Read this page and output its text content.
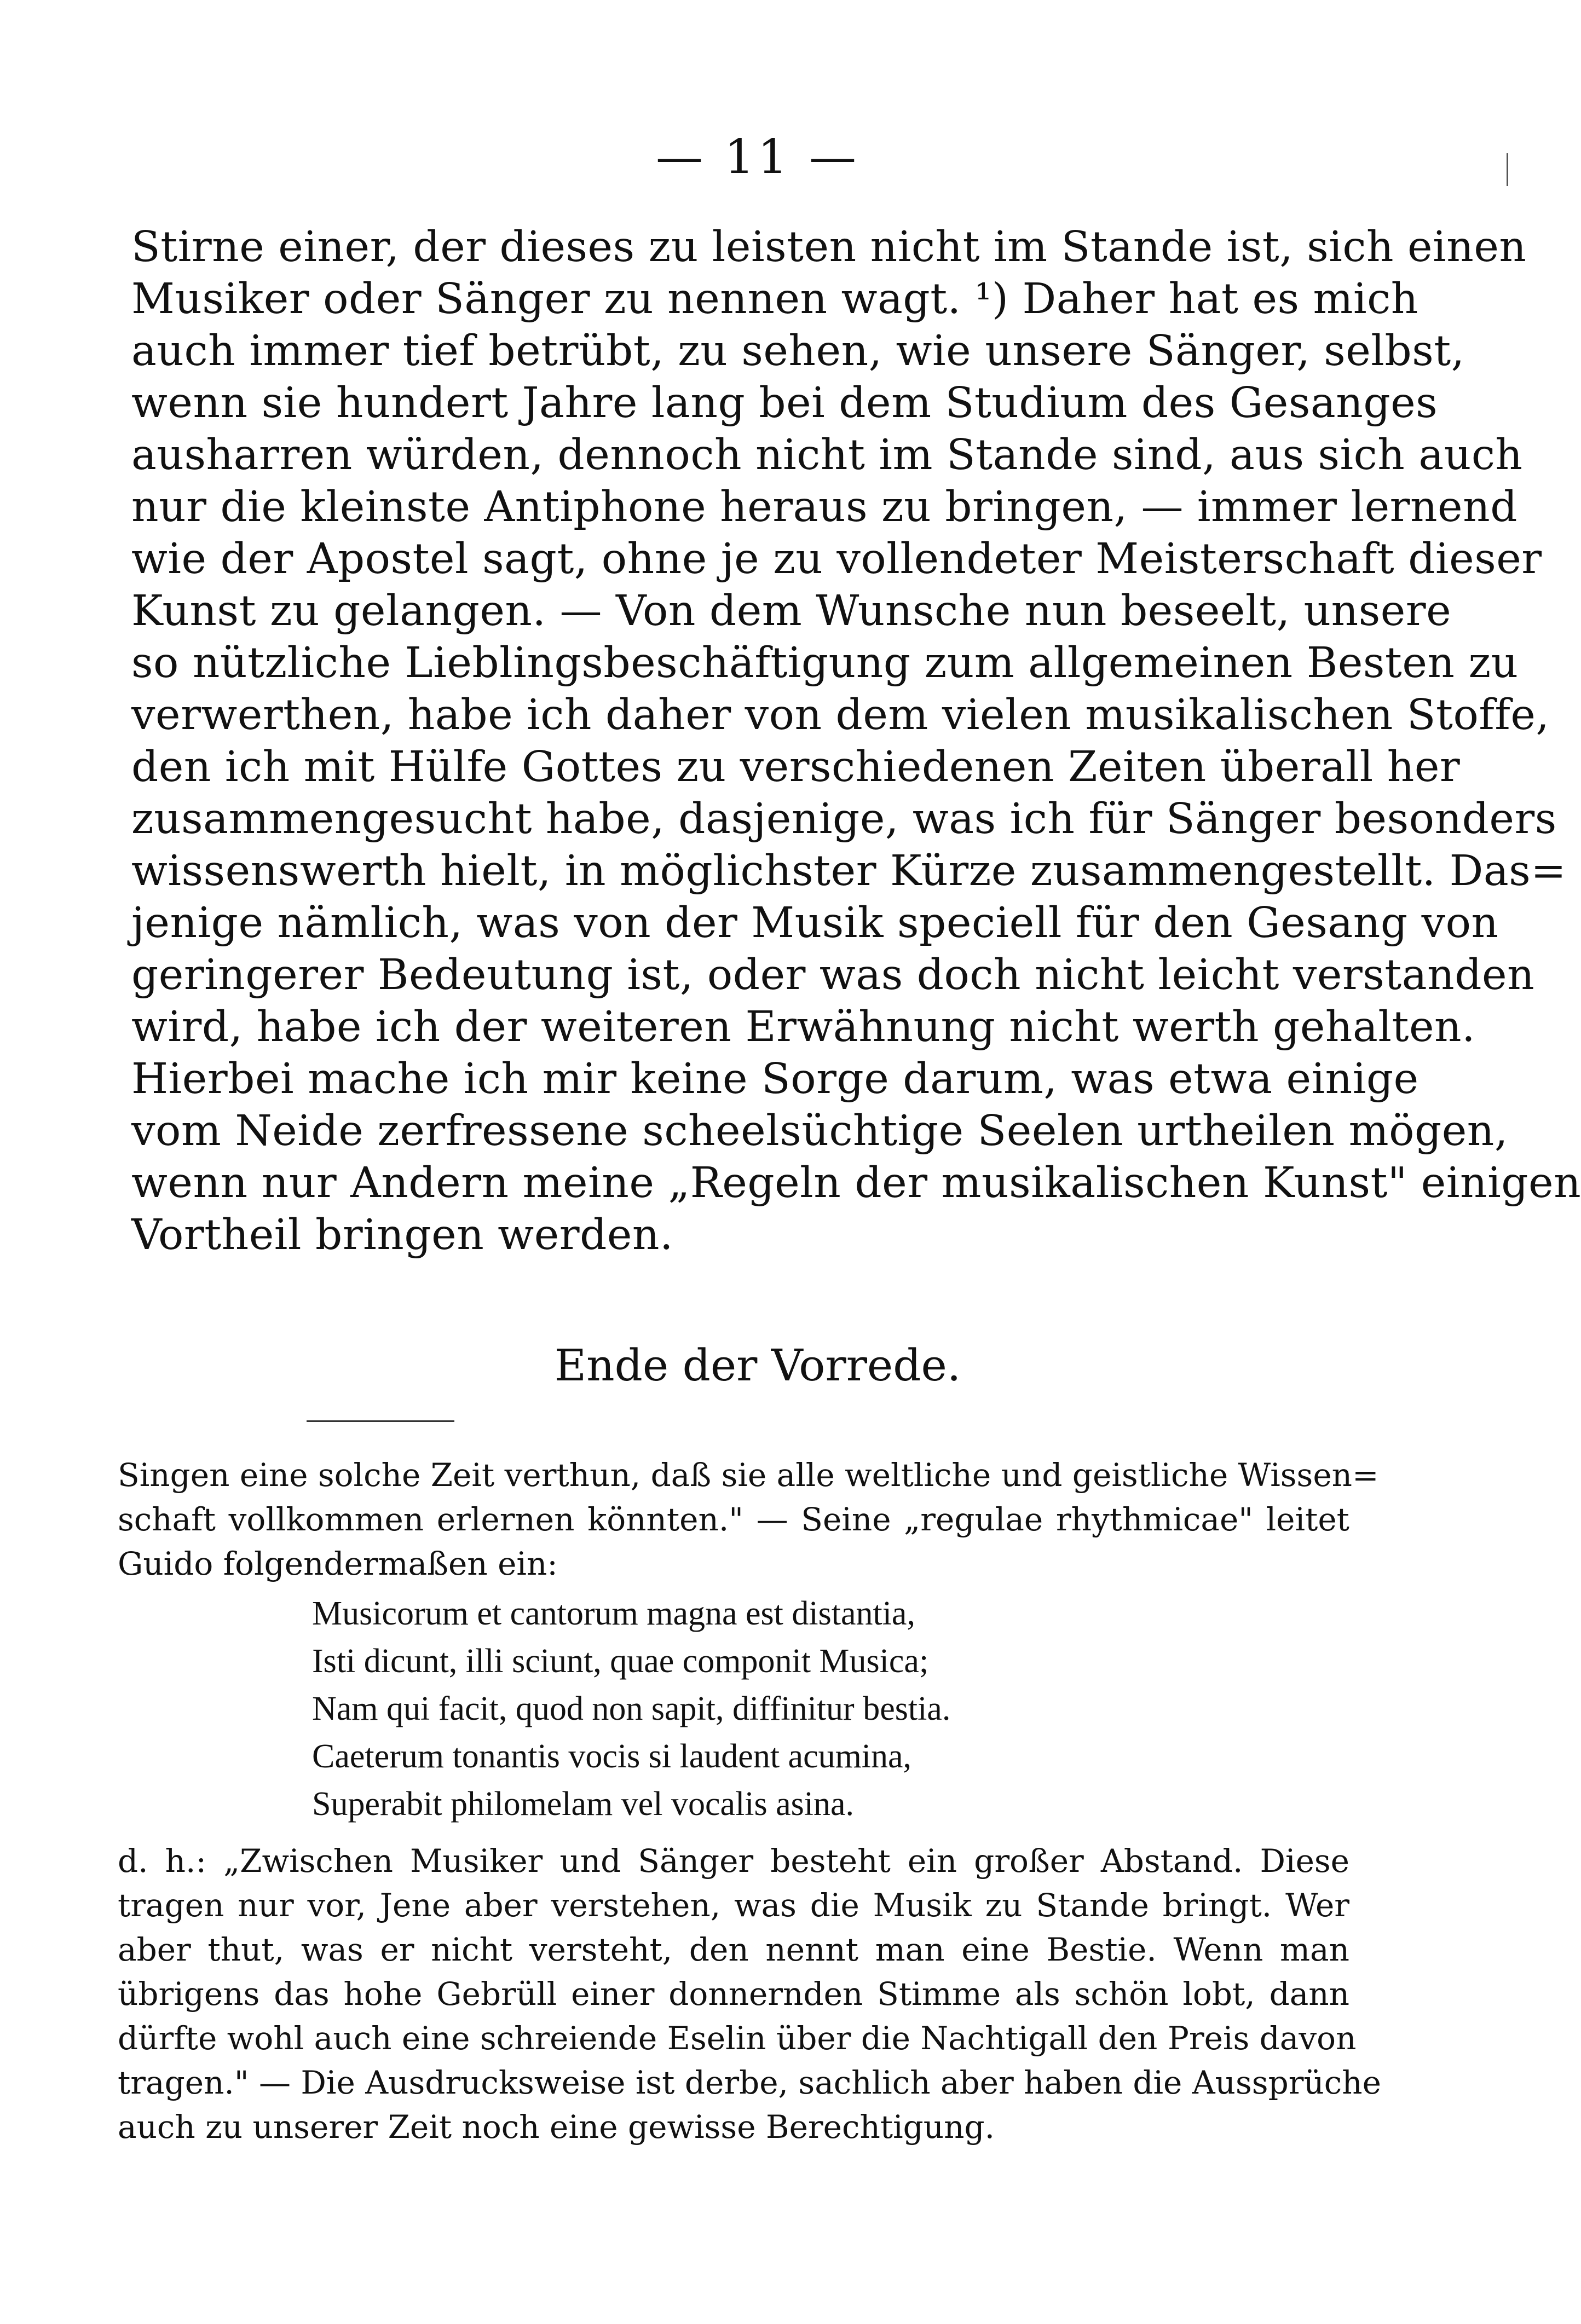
— 11 —
Stirne einer, der dieses zu leisten nicht im Stande ist, sich einen
Musiker oder Sänger zu nennen wagt. ¹) Daher hat es mich
auch immer tief betrübt, zu sehen, wie unsere Sänger, selbst,
wenn sie hundert Jahre lang bei dem Studium des Gesanges
ausharren würden, dennoch nicht im Stande sind, aus sich auch
nur die kleinste Antiphone heraus zu bringen, — immer lernend
wie der Apostel sagt, ohne je zu vollendeter Meisterschaft dieser
Kunst zu gelangen. — Von dem Wunsche nun beseelt, unsere
so nützliche Lieblingsbeschäftigung zum allgemeinen Besten zu
verwerthen, habe ich daher von dem vielen musikalischen Stoffe,
den ich mit Hülfe Gottes zu verschiedenen Zeiten überall her
zusammengesucht habe, dasjenige, was ich für Sänger besonders
wissenswerth hielt, in möglichster Kürze zusammengestellt. Das=
jenige nämlich, was von der Musik speciell für den Gesang von
geringerer Bedeutung ist, oder was doch nicht leicht verstanden
wird, habe ich der weiteren Erwähnung nicht werth gehalten.
Hierbei mache ich mir keine Sorge darum, was etwa einige
vom Neide zerfressene scheelsüchtige Seelen urtheilen mögen,
wenn nur Andern meine „Regeln der musikalischen Kunst" einigen
Vortheil bringen werden.
Ende der Vorrede.
Singen eine solche Zeit verthun, daß sie alle weltliche und geistliche Wissen=
schaft vollkommen erlernen könnten." — Seine „regulae rhythmicae" leitet
Guido folgendermaßen ein:
Musicorum et cantorum magna est distantia,
Isti dicunt, illi sciunt, quae componit Musica;
Nam qui facit, quod non sapit, diffinitur bestia.
Caeterum tonantis vocis si laudent acumina,
Superabit philomelam vel vocalis asina.
d. h.: „Zwischen Musiker und Sänger besteht ein großer Abstand. Diese
tragen nur vor, Jene aber verstehen, was die Musik zu Stande bringt. Wer
aber thut, was er nicht versteht, den nennt man eine Bestie. Wenn man
übrigens das hohe Gebrüll einer donnernden Stimme als schön lobt, dann
dürfte wohl auch eine schreiende Eselin über die Nachtigall den Preis davon
tragen." — Die Ausdrucksweise ist derbe, sachlich aber haben die Aussprüche
auch zu unserer Zeit noch eine gewisse Berechtigung.
